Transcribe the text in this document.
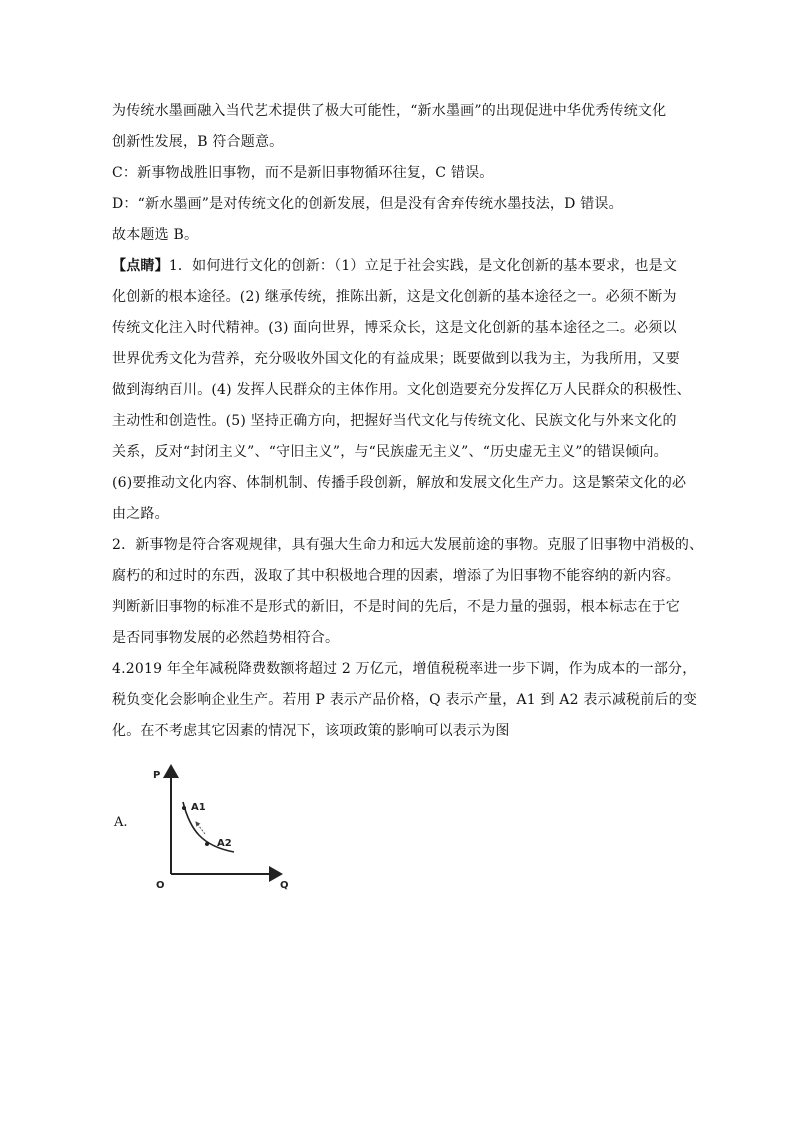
为传统水墨画融入当代艺术提供了极大可能性，“新水墨画”的出现促进中华优秀传统文化
创新性发展，B 符合题意。
C：新事物战胜旧事物，而不是新旧事物循环往复，C 错误。
D：“新水墨画”是对传统文化的创新发展，但是没有舍弃传统水墨技法，D 错误。
故本题选 B。
【点睛】1．如何进行文化的创新：（1）立足于社会实践，是文化创新的基本要求，也是文
化创新的根本途径。(2) 继承传统，推陈出新，这是文化创新的基本途径之一。必须不断为
传统文化注入时代精神。(3) 面向世界，博采众长，这是文化创新的基本途径之二。必须以
世界优秀文化为营养，充分吸收外国文化的有益成果；既要做到以我为主，为我所用，又要
做到海纳百川。(4) 发挥人民群众的主体作用。文化创造要充分发挥亿万人民群众的积极性、
主动性和创造性。(5) 坚持正确方向，把握好当代文化与传统文化、民族文化与外来文化的
关系，反对“封闭主义”、“守旧主义”，与“民族虚无主义”、“历史虚无主义”的错误倾向。
(6)要推动文化内容、体制机制、传播手段创新，解放和发展文化生产力。这是繁荣文化的必
由之路。
2．新事物是符合客观规律，具有强大生命力和远大发展前途的事物。克服了旧事物中消极的、
腐朽的和过时的东西，汲取了其中积极地合理的因素，增添了为旧事物不能容纳的新内容。
判断新旧事物的标准不是形式的新旧，不是时间的先后，不是力量的强弱，根本标志在于它
是否同事物发展的必然趋势相符合。
4.2019 年全年减税降费数额将超过 2 万亿元，增值税税率进一步下调，作为成本的一部分，
税负变化会影响企业生产。若用 P 表示产品价格，Q 表示产量，A1 到 A2 表示减税前后的变
化。在不考虑其它因素的情况下，该项政策的影响可以表示为图
A.
P
Q
O
A1
A2
